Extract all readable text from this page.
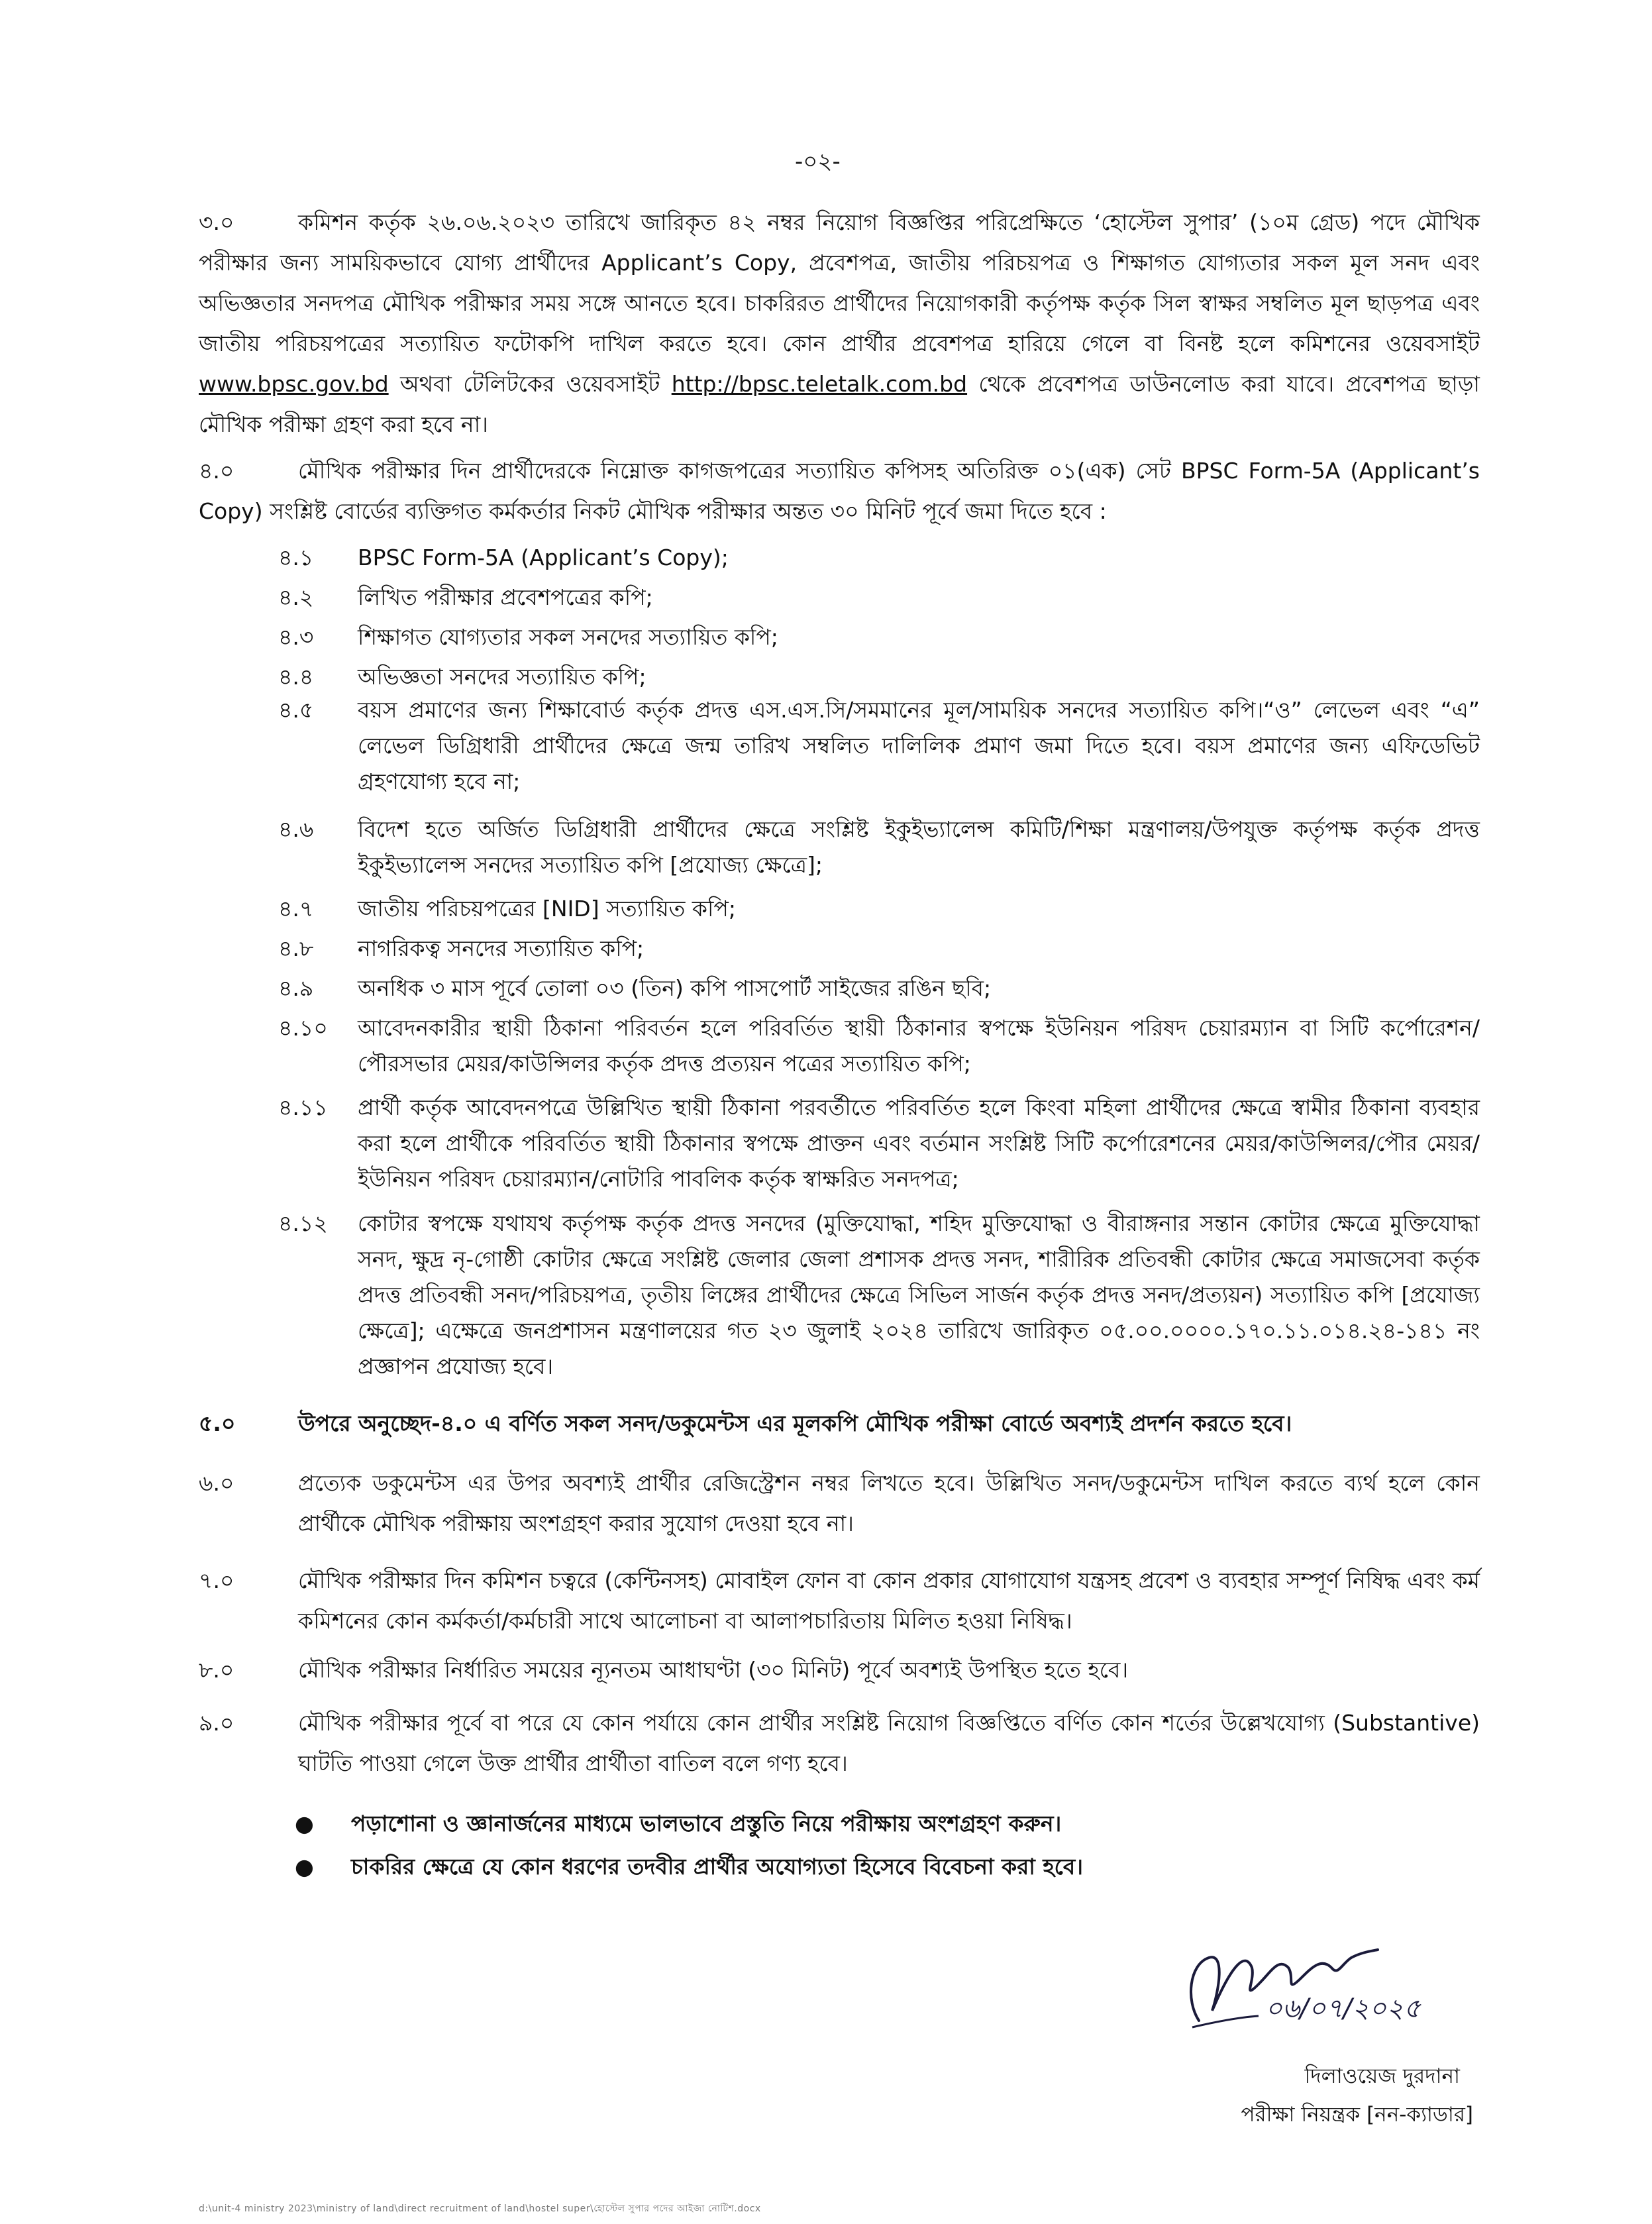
-০২-
৩.০	কমিশন কর্তৃক ২৬.০৬.২০২৩ তারিখে জারিকৃত ৪২ নম্বর নিয়োগ বিজ্ঞপ্তির পরিপ্রেক্ষিতে ‘হোস্টেল সুপার’ (১০ম গ্রেড) পদে মৌখিক পরীক্ষার জন্য সাময়িকভাবে যোগ্য প্রার্থীদের Applicant’s Copy, প্রবেশপত্র, জাতীয় পরিচয়পত্র ও শিক্ষাগত যোগ্যতার সকল মূল সনদ এবং অভিজ্ঞতার সনদপত্র মৌখিক পরীক্ষার সময় সঙ্গে আনতে হবে। চাকরিরত প্রার্থীদের নিয়োগকারী কর্তৃপক্ষ কর্তৃক সিল স্বাক্ষর সম্বলিত মূল ছাড়পত্র এবং জাতীয় পরিচয়পত্রের সত্যায়িত ফটোকপি দাখিল করতে হবে। কোন প্রার্থীর প্রবেশপত্র হারিয়ে গেলে বা বিনষ্ট হলে কমিশনের ওয়েবসাইট www.bpsc.gov.bd অথবা টেলিটকের ওয়েবসাইট http://bpsc.teletalk.com.bd থেকে প্রবেশপত্র ডাউনলোড করা যাবে। প্রবেশপত্র ছাড়া মৌখিক পরীক্ষা গ্রহণ করা হবে না।
৪.০	মৌখিক পরীক্ষার দিন প্রার্থীদেরকে নিম্নোক্ত কাগজপত্রের সত্যায়িত কপিসহ অতিরিক্ত ০১(এক) সেট BPSC Form-5A (Applicant’s Copy) সংশ্লিষ্ট বোর্ডের ব্যক্তিগত কর্মকর্তার নিকট মৌখিক পরীক্ষার অন্তত ৩০ মিনিট পূর্বে জমা দিতে হবে :
৪.১ BPSC Form-5A (Applicant’s Copy);
৪.২ লিখিত পরীক্ষার প্রবেশপত্রের কপি;
৪.৩ শিক্ষাগত যোগ্যতার সকল সনদের সত্যায়িত কপি;
৪.৪ অভিজ্ঞতা সনদের সত্যায়িত কপি;
৪.৫ বয়স প্রমাণের জন্য শিক্ষাবোর্ড কর্তৃক প্রদত্ত এস.এস.সি/সমমানের মূল/সাময়িক সনদের সত্যায়িত কপি।“ও” লেভেল এবং “এ” লেভেল ডিগ্রিধারী প্রার্থীদের ক্ষেত্রে জন্ম তারিখ সম্বলিত দালিলিক প্রমাণ জমা দিতে হবে। বয়স প্রমাণের জন্য এফিডেভিট গ্রহণযোগ্য হবে না;
৪.৬ বিদেশ হতে অর্জিত ডিগ্রিধারী প্রার্থীদের ক্ষেত্রে সংশ্লিষ্ট ইকুইভ্যালেন্স কমিটি/শিক্ষা মন্ত্রণালয়/উপযুক্ত কর্তৃপক্ষ কর্তৃক প্রদত্ত ইকুইভ্যালেন্স সনদের সত্যায়িত কপি [প্রযোজ্য ক্ষেত্রে];
৪.৭ জাতীয় পরিচয়পত্রের [NID] সত্যায়িত কপি;
৪.৮ নাগরিকত্ব সনদের সত্যায়িত কপি;
৪.৯ অনধিক ৩ মাস পূর্বে তোলা ০৩ (তিন) কপি পাসপোর্ট সাইজের রঙিন ছবি;
৪.১০ আবেদনকারীর স্থায়ী ঠিকানা পরিবর্তন হলে পরিবর্তিত স্থায়ী ঠিকানার স্বপক্ষে ইউনিয়ন পরিষদ চেয়ারম্যান বা সিটি কর্পোরেশন/পৌরসভার মেয়র/কাউন্সিলর কর্তৃক প্রদত্ত প্রত্যয়ন পত্রের সত্যায়িত কপি;
৪.১১ প্রার্থী কর্তৃক আবেদনপত্রে উল্লিখিত স্থায়ী ঠিকানা পরবর্তীতে পরিবর্তিত হলে কিংবা মহিলা প্রার্থীদের ক্ষেত্রে স্বামীর ঠিকানা ব্যবহার করা হলে প্রার্থীকে পরিবর্তিত স্থায়ী ঠিকানার স্বপক্ষে প্রাক্তন এবং বর্তমান সংশ্লিষ্ট সিটি কর্পোরেশনের মেয়র/কাউন্সিলর/পৌর মেয়র/ইউনিয়ন পরিষদ চেয়ারম্যান/নোটারি পাবলিক কর্তৃক স্বাক্ষরিত সনদপত্র;
৪.১২ কোটার স্বপক্ষে যথাযথ কর্তৃপক্ষ কর্তৃক প্রদত্ত সনদের (মুক্তিযোদ্ধা, শহিদ মুক্তিযোদ্ধা ও বীরাঙ্গনার সন্তান কোটার ক্ষেত্রে মুক্তিযোদ্ধা সনদ, ক্ষুদ্র নৃ-গোষ্ঠী কোটার ক্ষেত্রে সংশ্লিষ্ট জেলার জেলা প্রশাসক প্রদত্ত সনদ, শারীরিক প্রতিবন্ধী কোটার ক্ষেত্রে সমাজসেবা কর্তৃক প্রদত্ত প্রতিবন্ধী সনদ/পরিচয়পত্র, তৃতীয় লিঙ্গের প্রার্থীদের ক্ষেত্রে সিভিল সার্জন কর্তৃক প্রদত্ত সনদ/প্রত্যয়ন) সত্যায়িত কপি [প্রযোজ্য ক্ষেত্রে]; এক্ষেত্রে জনপ্রশাসন মন্ত্রণালয়ের গত ২৩ জুলাই ২০২৪ তারিখে জারিকৃত ০৫.০০.০০০০.১৭০.১১.০১৪.২৪-১৪১ নং প্রজ্ঞাপন প্রযোজ্য হবে।
৫.০	উপরে অনুচ্ছেদ-৪.০ এ বর্ণিত সকল সনদ/ডকুমেন্টস এর মূলকপি মৌখিক পরীক্ষা বোর্ডে অবশ্যই প্রদর্শন করতে হবে।
৬.০	প্রত্যেক ডকুমেন্টস এর উপর অবশ্যই প্রার্থীর রেজিস্ট্রেশন নম্বর লিখতে হবে। উল্লিখিত সনদ/ডকুমেন্টস দাখিল করতে ব্যর্থ হলে কোন প্রার্থীকে মৌখিক পরীক্ষায় অংশগ্রহণ করার সুযোগ দেওয়া হবে না।
৭.০	মৌখিক পরীক্ষার দিন কমিশন চত্বরে (কেন্টিনসহ) মোবাইল ফোন বা কোন প্রকার যোগাযোগ যন্ত্রসহ প্রবেশ ও ব্যবহার সম্পূর্ণ নিষিদ্ধ এবং কর্ম কমিশনের কোন কর্মকর্তা/কর্মচারী সাথে আলোচনা বা আলাপচারিতায় মিলিত হওয়া নিষিদ্ধ।
৮.০	মৌখিক পরীক্ষার নির্ধারিত সময়ের ন্যূনতম আধাঘণ্টা (৩০ মিনিট) পূর্বে অবশ্যই উপস্থিত হতে হবে।
৯.০	মৌখিক পরীক্ষার পূর্বে বা পরে যে কোন পর্যায়ে কোন প্রার্থীর সংশ্লিষ্ট নিয়োগ বিজ্ঞপ্তিতে বর্ণিত কোন শর্তের উল্লেখযোগ্য (Substantive) ঘাটতি পাওয়া গেলে উক্ত প্রার্থীর প্রার্থীতা বাতিল বলে গণ্য হবে।
● পড়াশোনা ও জ্ঞানার্জনের মাধ্যমে ভালভাবে প্রস্তুতি নিয়ে পরীক্ষায় অংশগ্রহণ করুন।
● চাকরির ক্ষেত্রে যে কোন ধরণের তদবীর প্রার্থীর অযোগ্যতা হিসেবে বিবেচনা করা হবে।
০৬/০৭/২০২৫
দিলাওয়েজ দুরদানা
পরীক্ষা নিয়ন্ত্রক [নন-ক্যাডার]
d:\unit-4 ministry 2023\ministry of land\direct recruitment of land\hostel super\হোস্টেল সুপার পদের আইজা নোটিশ.docx
